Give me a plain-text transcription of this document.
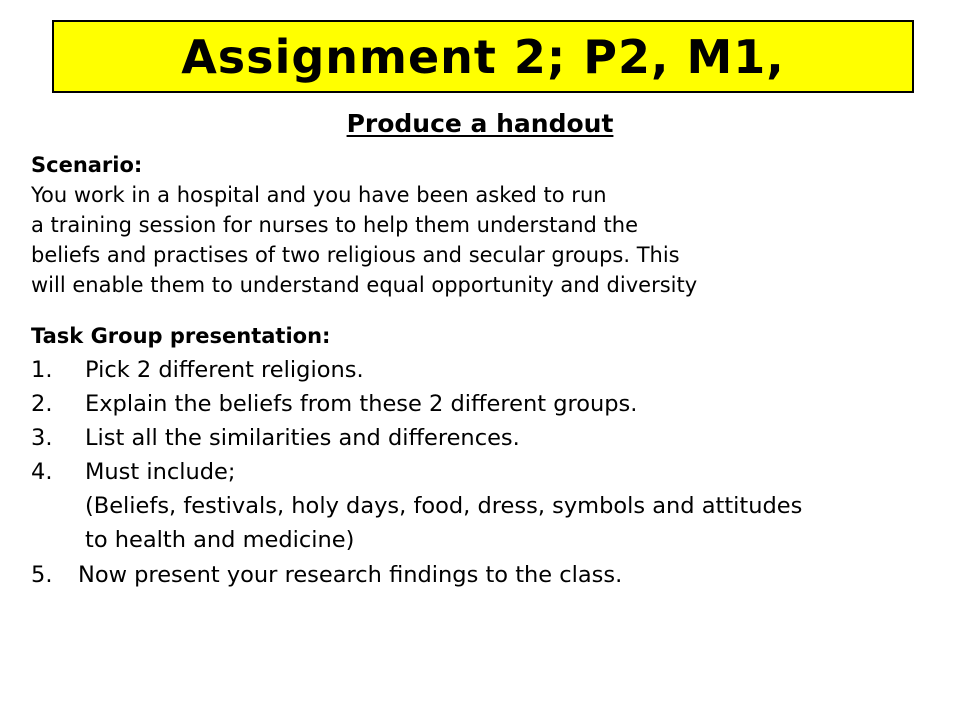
Assignment 2; P2, M1,
Produce a handout
Scenario:
You work in a hospital and you have been asked to run
a training session for nurses to help them understand the
beliefs and practises of two religious and secular groups. This
will enable them to understand equal opportunity and diversity
Task Group presentation:
1.	Pick 2 different religions.
2.	Explain the beliefs from these 2 different groups.
3.	List all the similarities and differences.
4.	Must include;
(Beliefs, festivals, holy days, food, dress, symbols and attitudes
to health and medicine)
5. Now present your research findings to the class.
